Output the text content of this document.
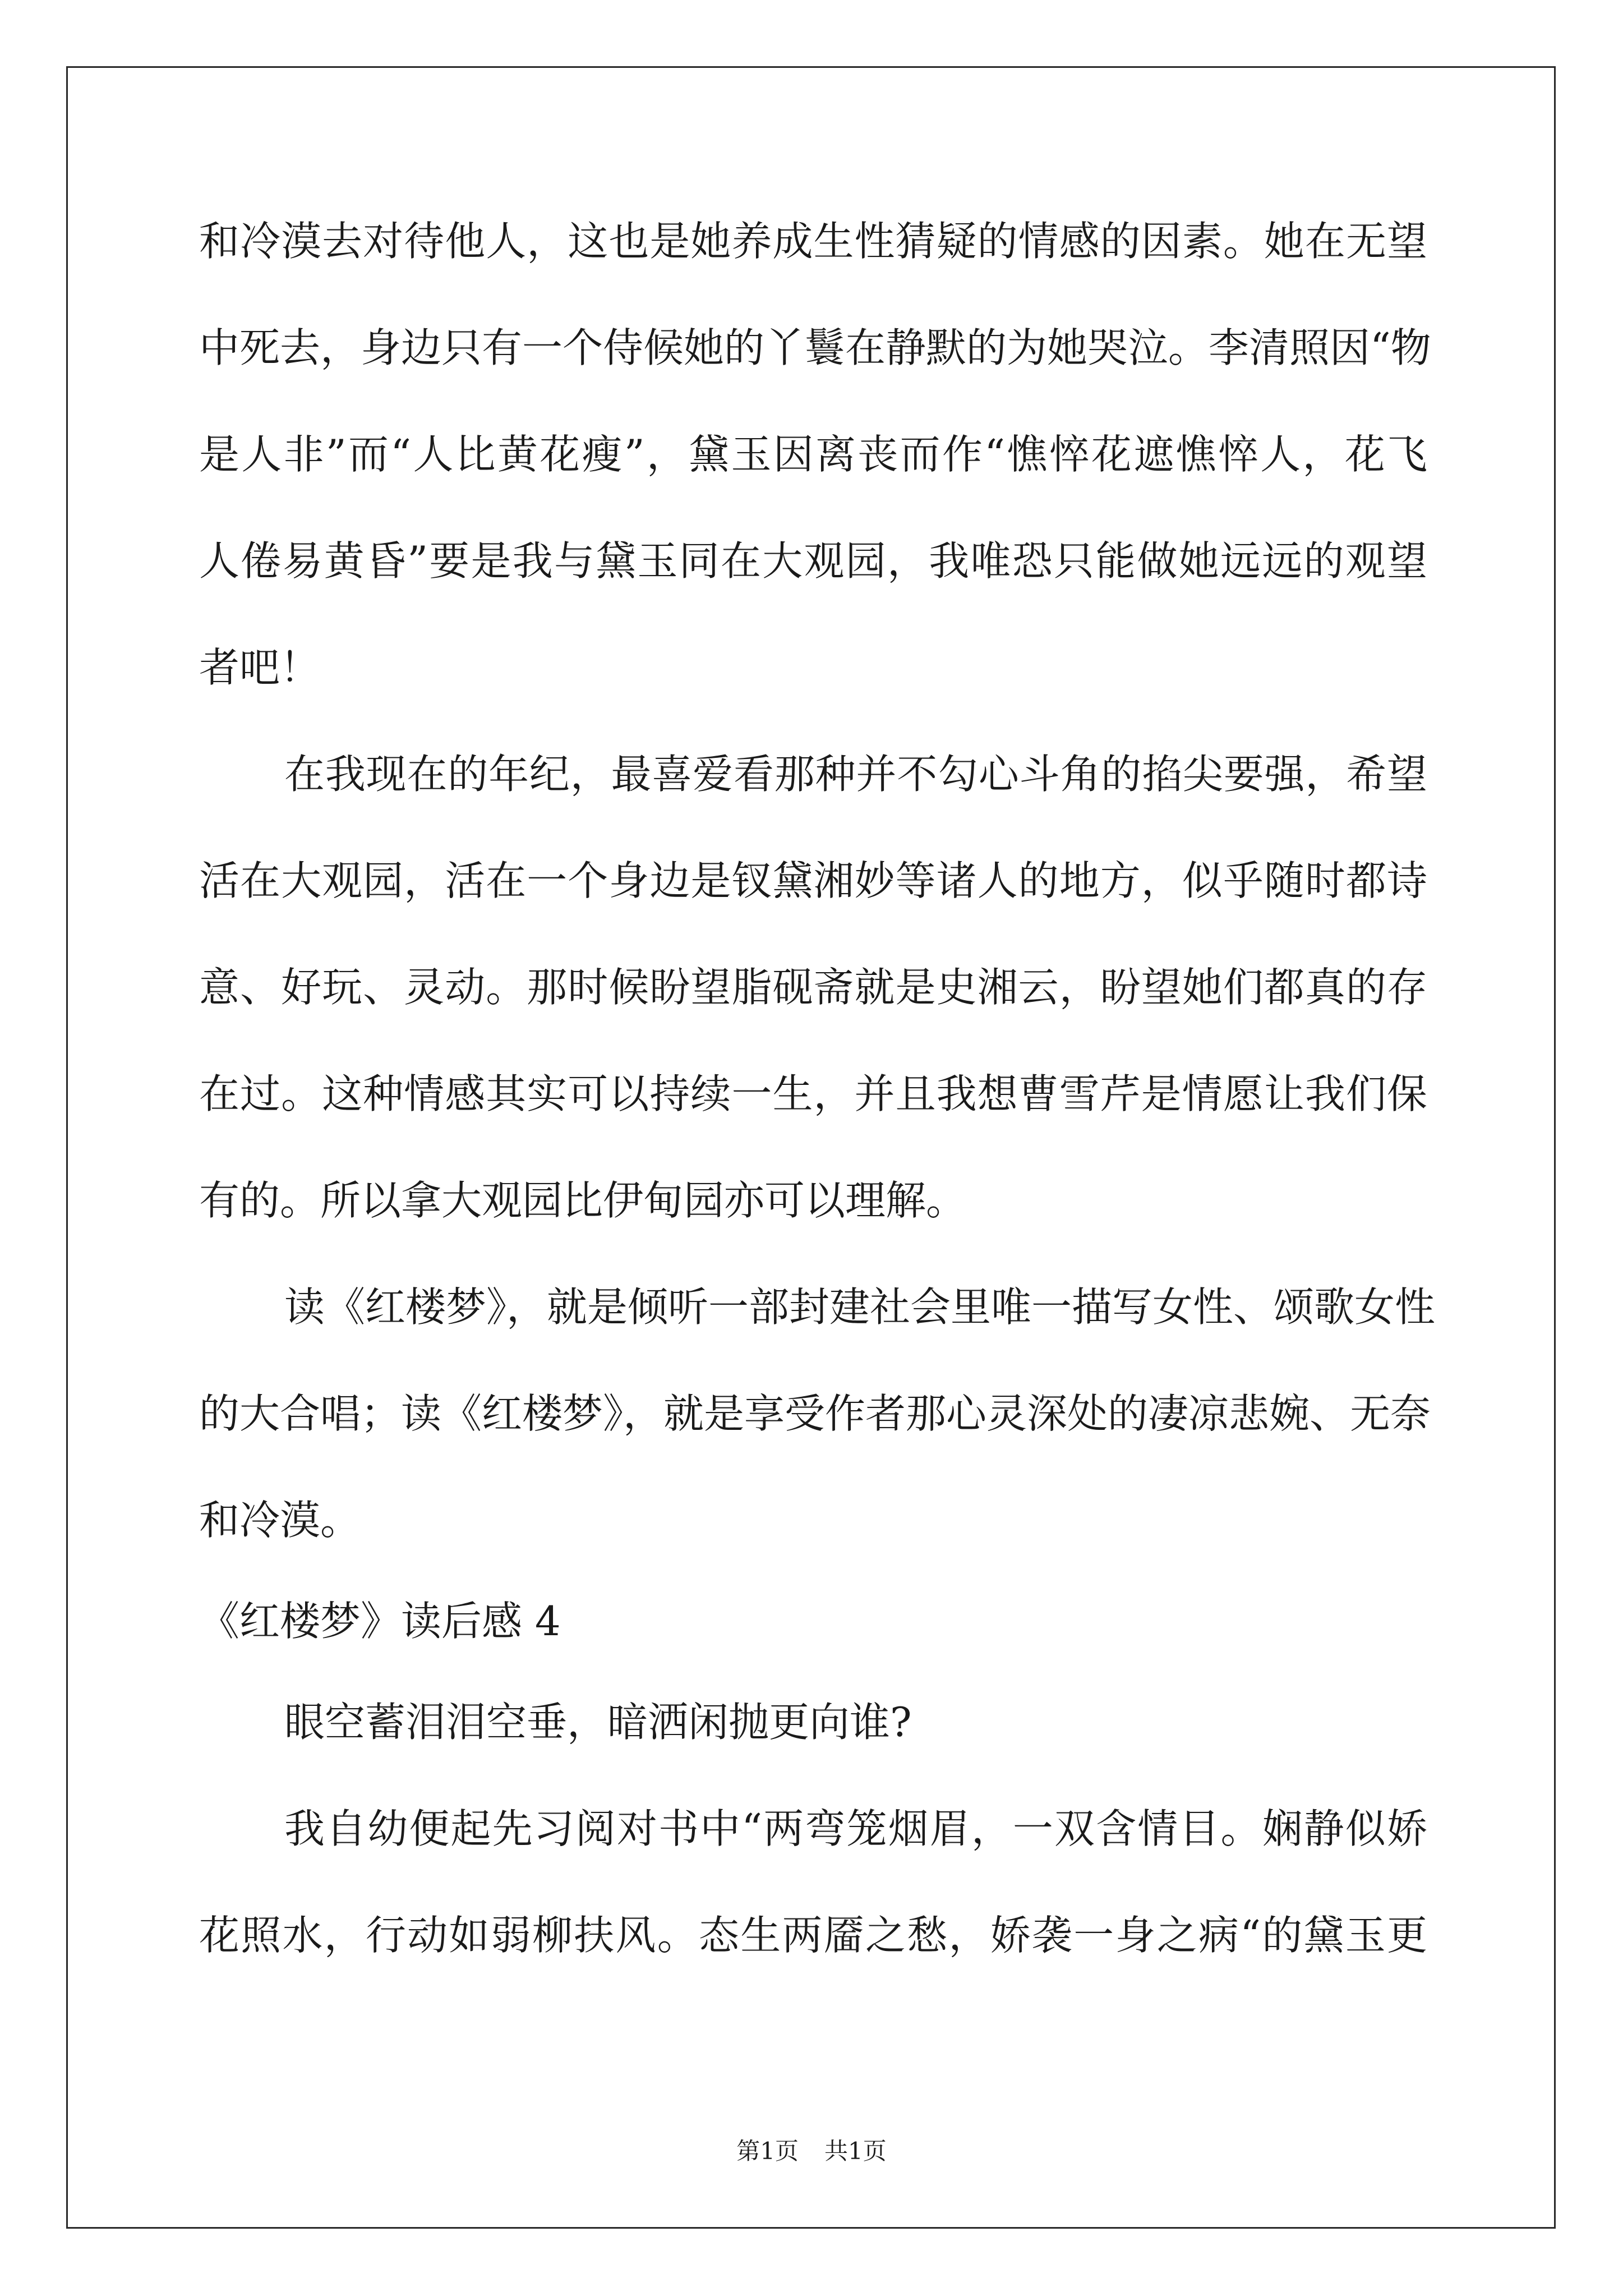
和冷漠去对待他人，这也是她养成生性猜疑的情感的因素。她在无望
中死去，身边只有一个侍候她的丫鬟在静默的为她哭泣。李清照因“物
是人非”而“人比黄花瘦”，黛玉因离丧而作“憔悴花遮憔悴人，花飞
人倦易黄昏”要是我与黛玉同在大观园，我唯恐只能做她远远的观望
者吧！
在我现在的年纪，最喜爱看那种并不勾心斗角的掐尖要强，希望
活在大观园，活在一个身边是钗黛湘妙等诸人的地方，似乎随时都诗
意、好玩、灵动。那时候盼望脂砚斋就是史湘云，盼望她们都真的存
在过。这种情感其实可以持续一生，并且我想曹雪芹是情愿让我们保
有的。所以拿大观园比伊甸园亦可以理解。
读《红楼梦》，就是倾听一部封建社会里唯一描写女性、颂歌女性
的大合唱；读《红楼梦》，就是享受作者那心灵深处的凄凉悲婉、无奈
和冷漠。
《红楼梦》读后感 4
眼空蓄泪泪空垂，暗洒闲抛更向谁?
我自幼便起先习阅对书中“两弯笼烟眉，一双含情目。娴静似娇
花照水，行动如弱柳扶风。态生两靥之愁，娇袭一身之病“的黛玉更
第1页 共1页
